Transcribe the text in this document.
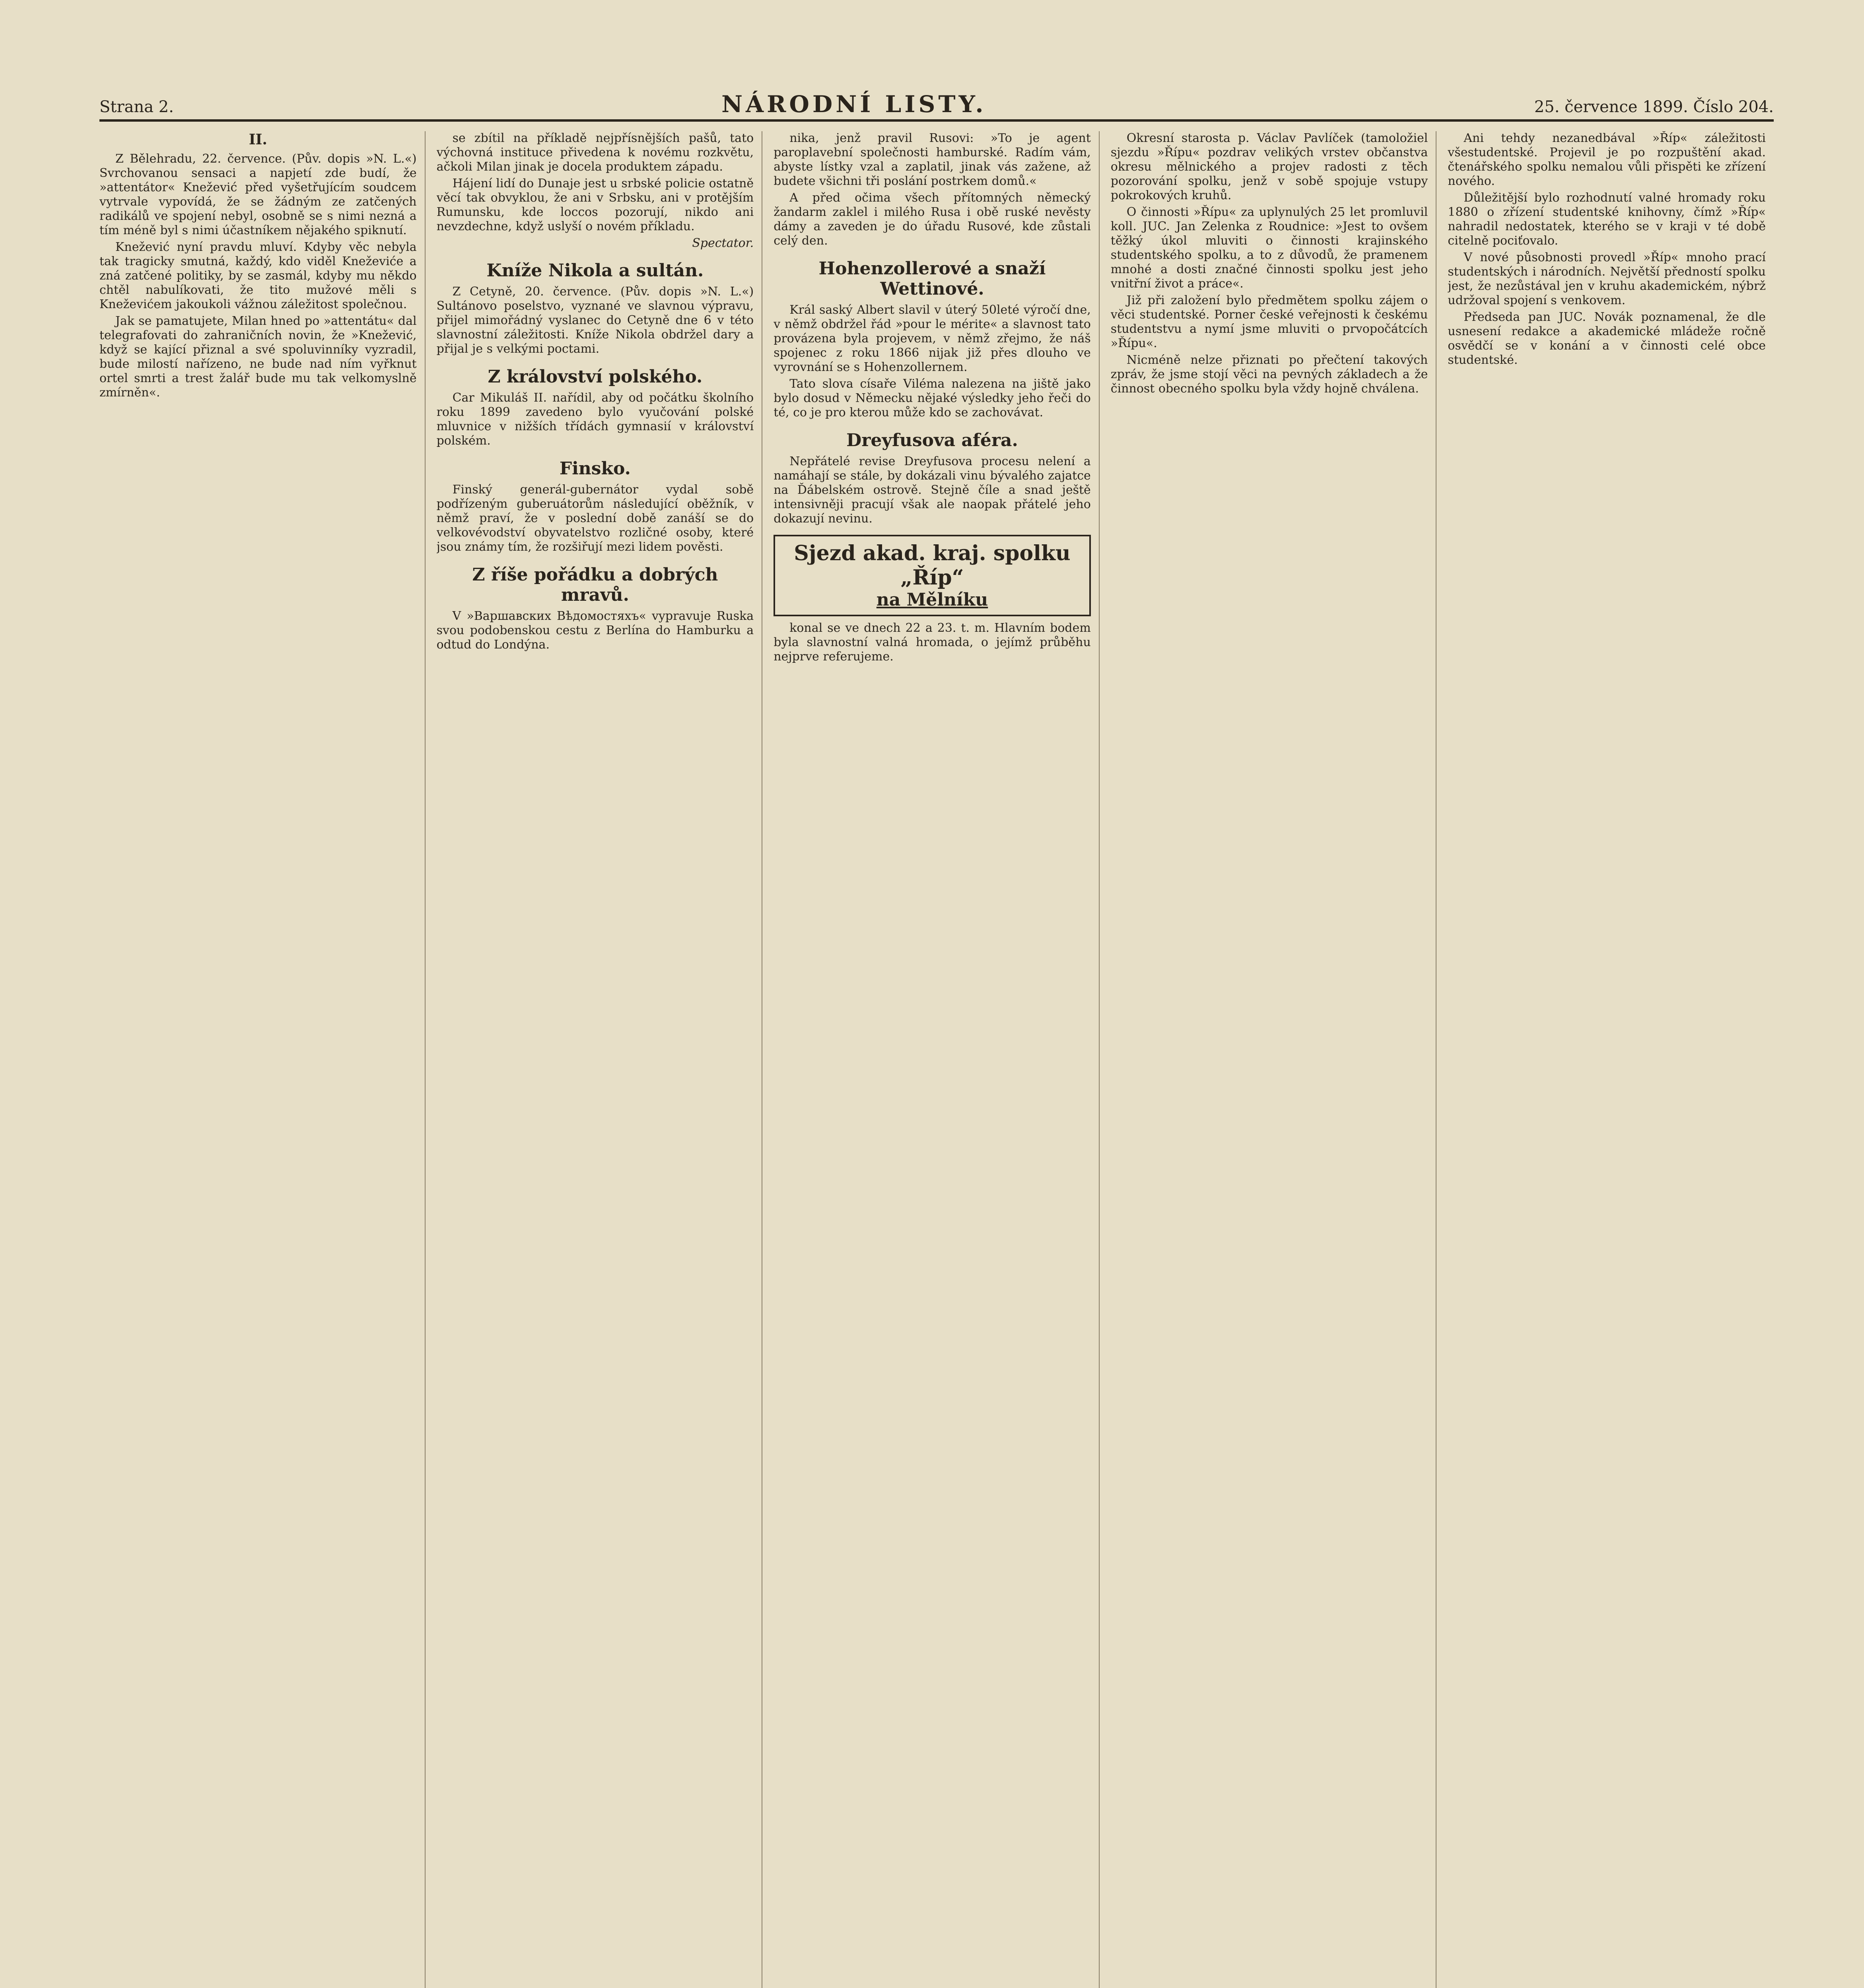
Strana 2.	NÁRODNÍ LISTY.	25. července 1899. Číslo 204.
II.

Z Bělehradu, 22. července. (Pův. dopis »N. L.«) Svrchovanou sensaci a napjetí zde budí, že »attentátor« Knežević před vyšetřujícím soudcem vytrvale vypovídá, že se žádným ze zatčených radikálů ve spojení nebyl, osobně se s nimi nezná a tím méně byl s nimi účastníkem nějakého spiknutí.

Knežević nyní pravdu mluví. Kdyby věc nebyla tak tragicky smutná, každý, kdo viděl Kneževiće a zná zatčené politiky, by se zasmál, kdyby mu někdo chtěl nabulíkovati, že tito mužové měli s Kneževićem jakoukoli vážnou záležitost společnou.

Jak se pamatujete, Milan hned po »attentátu« dal telegrafovati do zahraničních novin, že »Knežević, když se kající přiznal a své spoluvinníky vyzradil, bude milostí nařízeno, ne bude nad ním vyřknut ortel smrti a trest žalář bude mu tak velkomyslně zmírněn«.

se zbítil na příkladě nejpřísnějších pašů, tato výchovná instituce přivedena k novému rozkvětu, ačkoli Milan jinak je docela produktem západu.

Hájení lidí do Dunaje jest u srbské policie ostatně věcí tak obvyklou, že ani v Srbsku, ani v protějším Rumunsku, kde loccos pozorují, nikdo ani nevzdechne, když uslyší o novém příkladu.

Spectator.
Kníže Nikola a sultán.

Z Cetyně, 20. července. (Pův. dopis »N. L.«) Sultánovo poselstvo, vyznané ve slavnou výpravu, přijel mimořádný vyslanec do Cetyně dne 6 v této slavnostní záležitosti. Kníže Nikola obdržel dary a přijal je s velkými poctami.

Z království polského.

Car Mikuláš II. nařídil, aby od počátku školního roku 1899 zavedeno bylo vyučování polské mluvnice v nižších třídách gymnasií v království polském.

Finsko.

Finský generál-gubernátor vydal sobě podřízeným guberuátorům následující oběžník, v němž praví, že v poslední době zanáší se do velkovévodství obyvatelstvo rozličné osoby, které jsou známy tím, že rozšiřují mezi lidem pověsti.

Z říše pořádku a dobrých mravů.

V »Варшавских Вѣдомостяхъ« vypravuje Ruska svou podobenskou cestu z Berlína do Hamburku a odtud do Londýna.

nika, jenž pravil Rusovi: »To je agent paroplavební společnosti hamburské. Radím vám, abyste lístky vzal a zaplatil, jinak vás zažene, až budete všichni tři poslání postrkem domů.«

A před očima všech přítomných německý žandarm zaklel i milého Rusa i obě ruské nevěsty dámy a zaveden je do úřadu Rusové, kde zůstali celý den.

Hohenzollerové a snaží Wettinové.

Král saský Albert slavil v úterý 50leté výročí dne, v němž obdržel řád »pour le mérite« a slavnost tato provázena byla projevem, v němž zřejmo, že náš spojenec z roku 1866 nijak již přes dlouho ve vyrovnání se s Hohenzollernem.

Tato slova císaře Viléma nalezena na jiště jako bylo dosud v Německu nějaké výsledky jeho řeči do té, co je pro kterou může kdo se zachovávat.

Dreyfusova aféra.

Nepřátelé revise Dreyfusova procesu nelení a namáhají se stále, by dokázali vinu bývalého zajatce na Ďábelském ostrově. Stejně číle a snad ještě intensivněji pracují však ale naopak přátelé jeho dokazují nevinu.

Sjezd akad. kraj. spolku „Říp“
na Mělníku

konal se ve dnech 22 a 23. t. m. Hlavním bodem byla slavnostní valná hromada, o jejímž průběhu nejprve referujeme.

Okresní starosta p. Václav Pavlíček (tamoložiel sjezdu »Řípu« pozdrav velikých vrstev občanstva okresu mělnického a projev radosti z těch pozorování spolku, jenž v sobě spojuje vstupy pokrokových kruhů.

O činnosti »Řípu« za uplynulých 25 let promluvil koll. JUC. Jan Zelenka z Roudnice: »Jest to ovšem těžký úkol mluviti o činnosti krajinského studentského spolku, a to z důvodů, že pramenem mnohé a dosti značné činnosti spolku jest jeho vnitřní život a práce«.

Již při založení bylo předmětem spolku zájem o věci studentské. Porner české veřejnosti k českému studentstvu a nymí jsme mluviti o prvopočátcích »Řípu«.

Nicméně nelze přiznati po přečtení takových zpráv, že jsme stojí věci na pevných základech a že činnost obecného spolku byla vždy hojně chválena.

Ani tehdy nezanedbával »Říp« záležitosti všestudentské. Projevil je po rozpuštění akad. čtenářského spolku nemalou vůli přispěti ke zřízení nového.

Důležitější bylo rozhodnutí valné hromady roku 1880 o zřízení studentské knihovny, čímž »Říp« nahradil nedostatek, kterého se v kraji v té době citelně pociťovalo.

V nové působnosti provedl »Říp« mnoho prací studentských i národních. Největší předností spolku jest, že nezůstával jen v kruhu akademickém, nýbrž udržoval spojení s venkovem.

Předseda pan JUC. Novák poznamenal, že dle usnesení redakce a akademické mládeže ročně osvědčí se v konání a v činnosti celé obce studentské.
